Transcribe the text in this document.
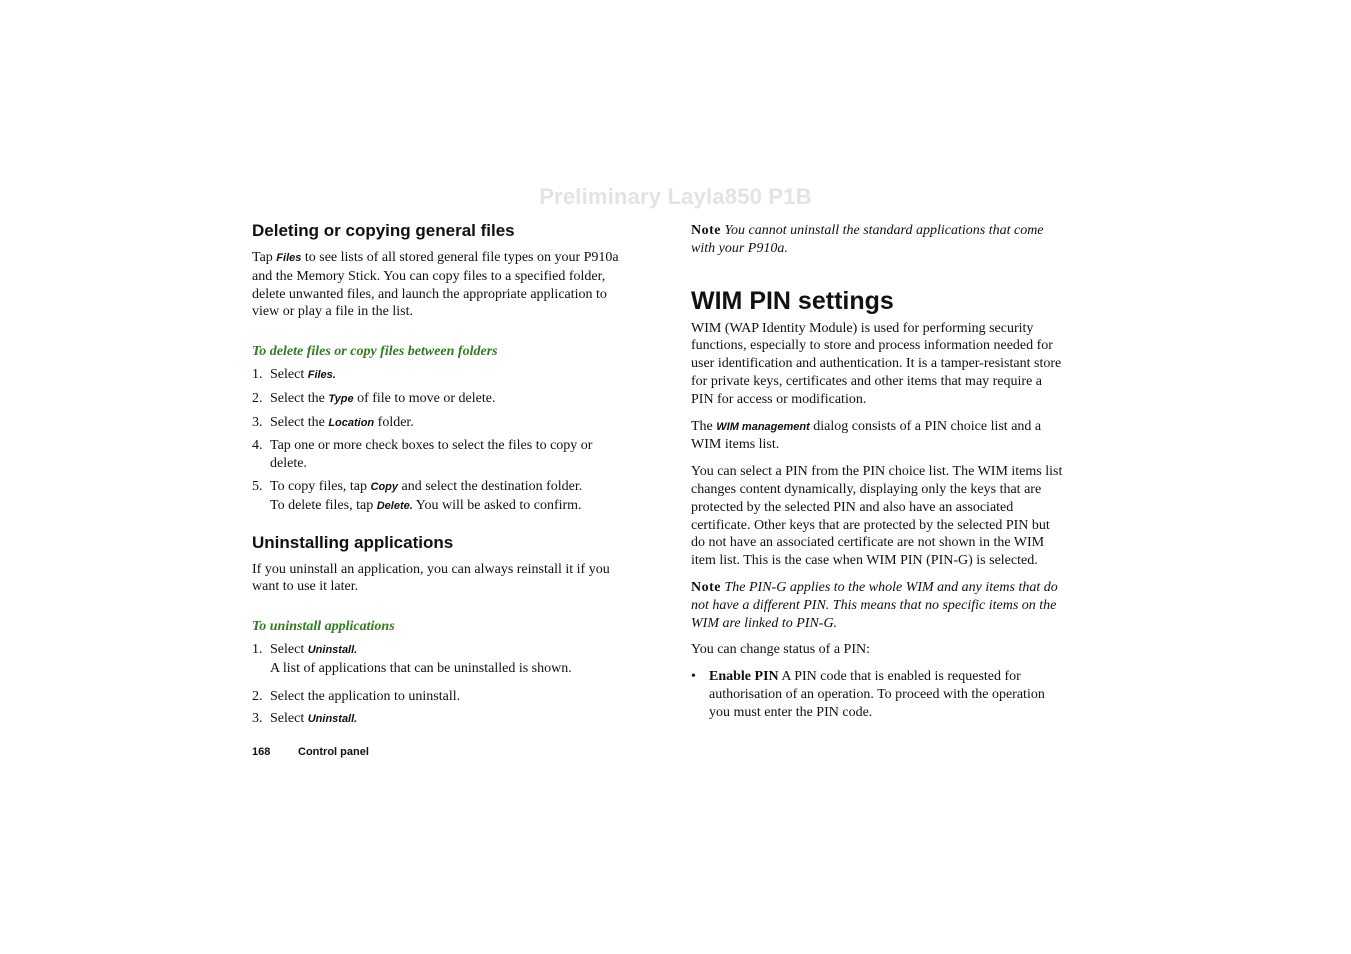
Preliminary Layla850 P1B
Deleting or copying general files

Tap Files to see lists of all stored general file types on your P910a and the Memory Stick. You can copy files to a specified folder, delete unwanted files, and launch the appropriate application to view or play a file in the list.

To delete files or copy files between folders
1. Select Files.
2. Select the Type of file to move or delete.
3. Select the Location folder.
4. Tap one or more check boxes to select the files to copy or delete.
5. To copy files, tap Copy and select the destination folder.
To delete files, tap Delete. You will be asked to confirm.
Uninstalling applications

If you uninstall an application, you can always reinstall it if you want to use it later.

To uninstall applications
1. Select Uninstall.
A list of applications that can be uninstalled is shown.
2. Select the application to uninstall.
3. Select Uninstall.

Note You cannot uninstall the standard applications that come with your P910a.

WIM PIN settings

WIM (WAP Identity Module) is used for performing security functions, especially to store and process information needed for user identification and authentication. It is a tamper-resistant store for private keys, certificates and other items that may require a PIN for access or modification.

The WIM management dialog consists of a PIN choice list and a WIM items list.

You can select a PIN from the PIN choice list. The WIM items list changes content dynamically, displaying only the keys that are protected by the selected PIN and also have an associated certificate. Other keys that are protected by the selected PIN but do not have an associated certificate are not shown in the WIM item list. This is the case when WIM PIN (PIN-G) is selected.

Note The PIN-G applies to the whole WIM and any items that do not have a different PIN. This means that no specific items on the WIM are linked to PIN-G.

You can change status of a PIN:

• Enable PIN A PIN code that is enabled is requested for authorisation of an operation. To proceed with the operation you must enter the PIN code.
168	Control panel
